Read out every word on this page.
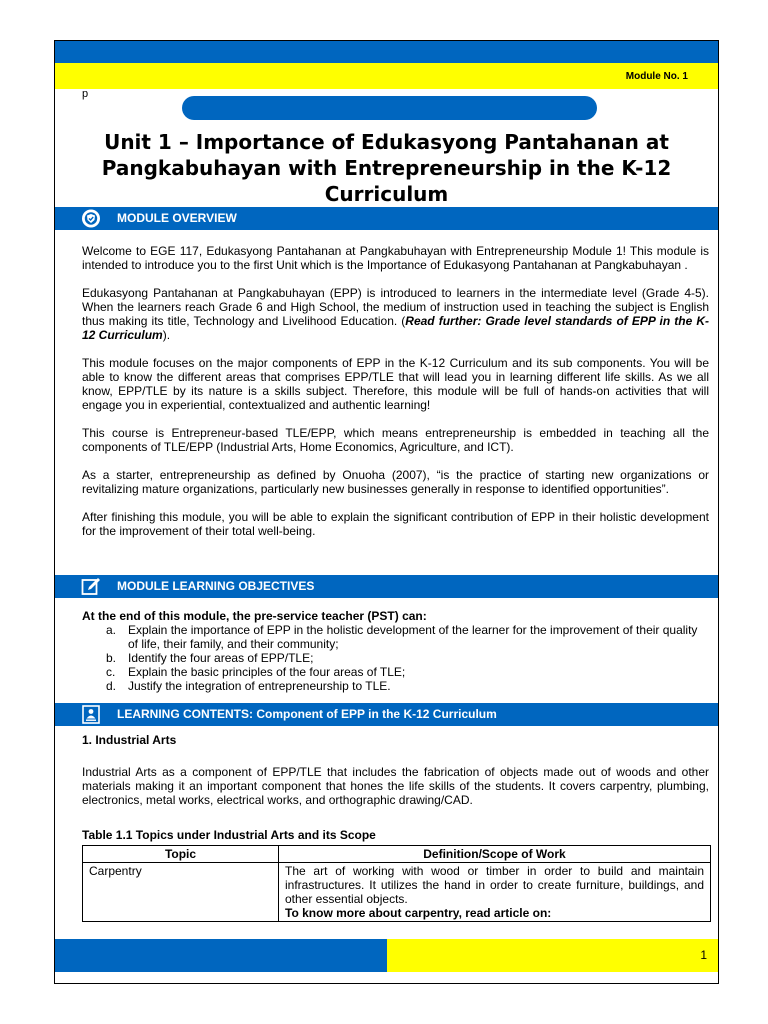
Module No. 1
p
Unit 1 – Importance of Edukasyong Pantahanan at Pangkabuhayan with Entrepreneurship in the K-12 Curriculum
MODULE OVERVIEW

Welcome to EGE 117, Edukasyong Pantahanan at Pangkabuhayan with Entrepreneurship Module 1! This module is intended to introduce you to the first Unit which is the Importance of Edukasyong Pantahanan at Pangkabuhayan .

Edukasyong Pantahanan at Pangkabuhayan (EPP) is introduced to learners in the intermediate level (Grade 4-5). When the learners reach Grade 6 and High School, the medium of instruction used in teaching the subject is English thus making its title, Technology and Livelihood Education. (Read further: Grade level standards of EPP in the K-12 Curriculum).

This module focuses on the major components of EPP in the K-12 Curriculum and its sub components. You will be able to know the different areas that comprises EPP/TLE that will lead you in learning different life skills. As we all know, EPP/TLE by its nature is a skills subject. Therefore, this module will be full of hands-on activities that will engage you in experiential, contextualized and authentic learning!

This course is Entrepreneur-based TLE/EPP, which means entrepreneurship is embedded in teaching all the components of TLE/EPP (Industrial Arts, Home Economics, Agriculture, and ICT).

As a starter, entrepreneurship as defined by Onuoha (2007), “is the practice of starting new organizations or revitalizing mature organizations, particularly new businesses generally in response to identified opportunities”.

After finishing this module, you will be able to explain the significant contribution of EPP in their holistic development for the improvement of their total well-being.

MODULE LEARNING OBJECTIVES

At the end of this module, the pre-service teacher (PST) can:

a. Explain the importance of EPP in the holistic development of the learner for the improvement of their quality of life, their family, and their community;
b. Identify the four areas of EPP/TLE;
c. Explain the basic principles of the four areas of TLE;
d. Justify the integration of entrepreneurship to TLE.
LEARNING CONTENTS: Component of EPP in the K-12 Curriculum
1. Industrial Arts
Industrial Arts as a component of EPP/TLE that includes the fabrication of objects made out of woods and other materials making it an important component that hones the life skills of the students. It covers carpentry, plumbing, electronics, metal works, electrical works, and orthographic drawing/CAD.
Table 1.1 Topics under Industrial Arts and its Scope
Topic	Definition/Scope of Work
Carpentry	The art of working with wood or timber in order to build and maintain infrastructures. It utilizes the hand in order to create furniture, buildings, and other essential objects.
To know more about carpentry, read article on:
1
